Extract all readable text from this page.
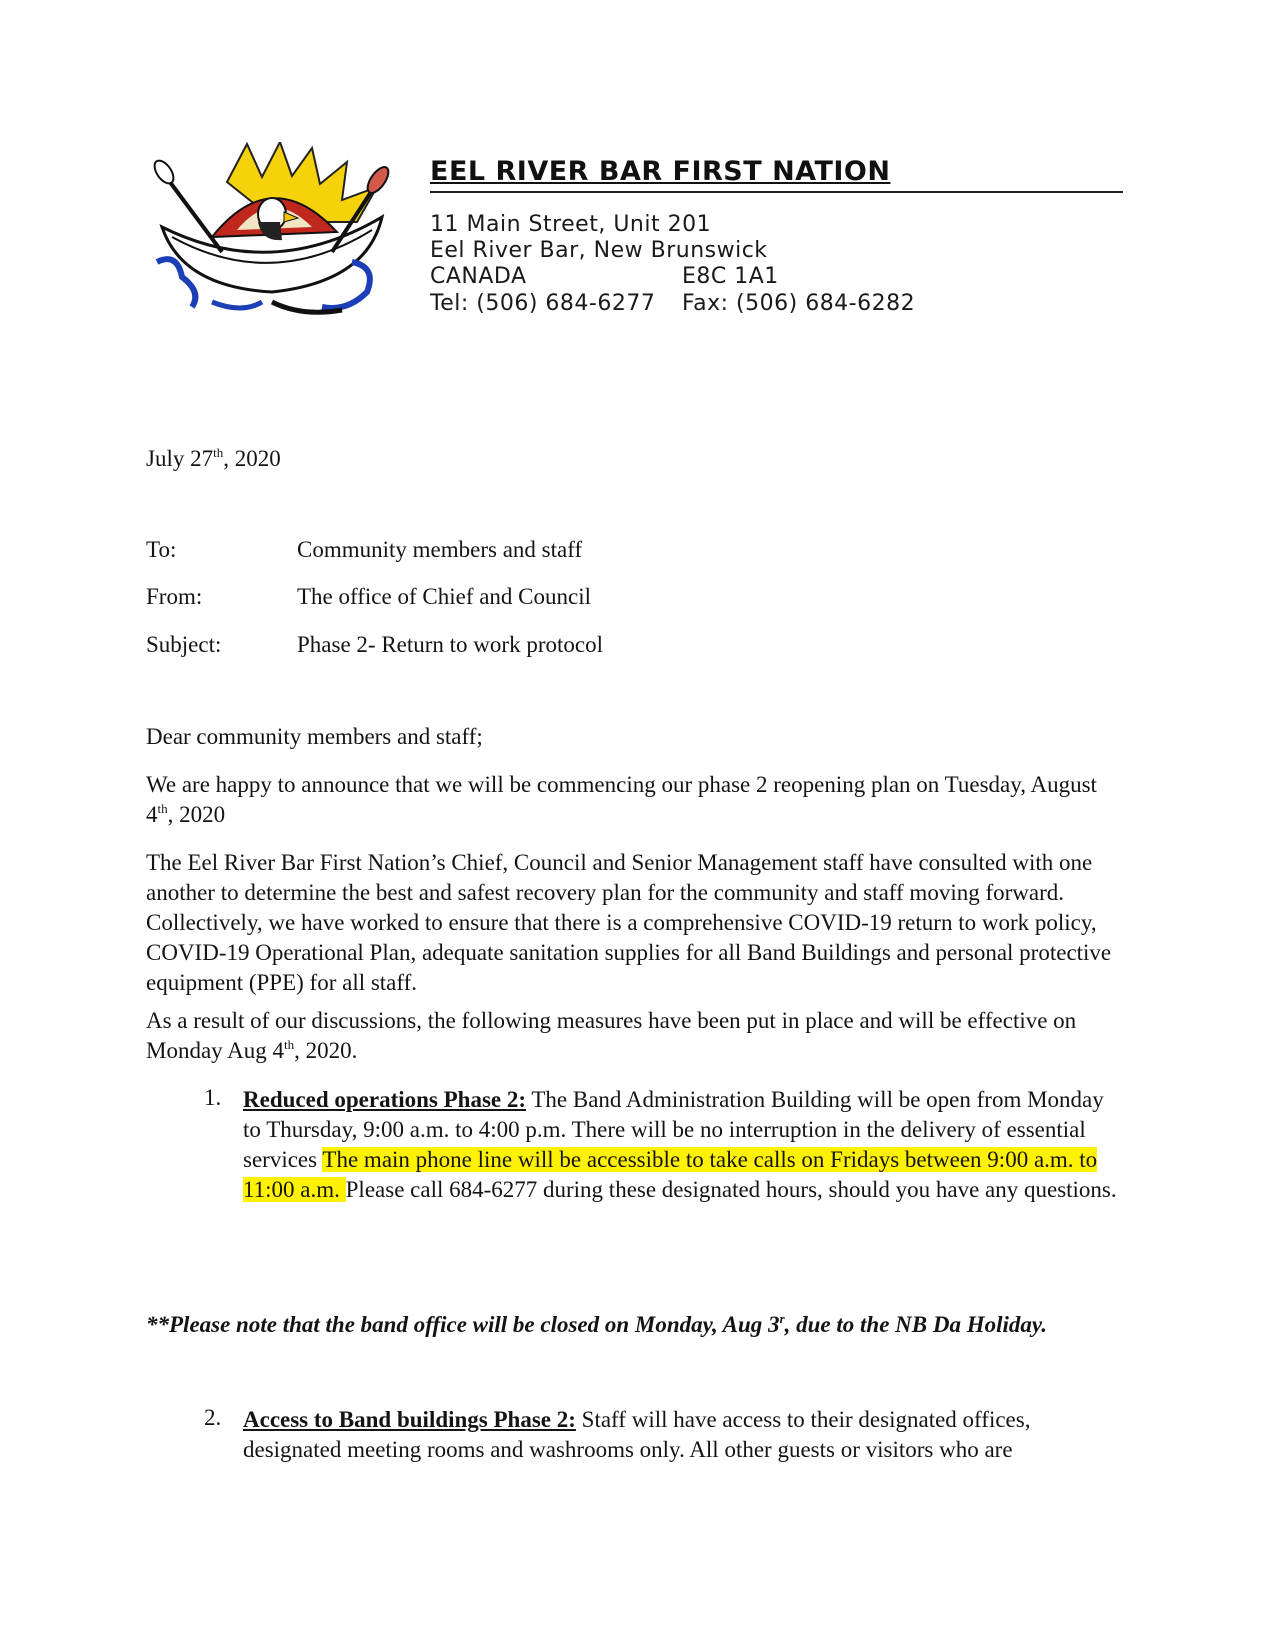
EEL RIVER BAR FIRST NATION
11 Main Street, Unit 201
Eel River Bar, New Brunswick
CANADA	E8C 1A1
Tel: (506) 684-6277 Fax: (506) 684-6282
July 27th, 2020
To:	Community members and staff
From:	The office of Chief and Council
Subject:	Phase 2- Return to work protocol
Dear community members and staff;

We are happy to announce that we will be commencing our phase 2 reopening plan on Tuesday, August 4th, 2020

The Eel River Bar First Nation’s Chief, Council and Senior Management staff have consulted with one another to determine the best and safest recovery plan for the community and staff moving forward. Collectively, we have worked to ensure that there is a comprehensive COVID-19 return to work policy, COVID-19 Operational Plan, adequate sanitation supplies for all Band Buildings and personal protective equipment (PPE) for all staff.

As a result of our discussions, the following measures have been put in place and will be effective on Monday Aug 4th, 2020.

1. Reduced operations Phase 2: The Band Administration Building will be open from Monday to Thursday, 9:00 a.m. to 4:00 p.m. There will be no interruption in the delivery of essential services The main phone line will be accessible to take calls on Fridays between 9:00 a.m. to 11:00 a.m. Please call 684-6277 during these designated hours, should you have any questions.
**Please note that the band office will be closed on Monday, Aug 3$^r$, due to the NB Da Holiday.
2. Access to Band buildings Phase 2: Staff will have access to their designated offices, designated meeting rooms and washrooms only. All other guests or visitors who are
